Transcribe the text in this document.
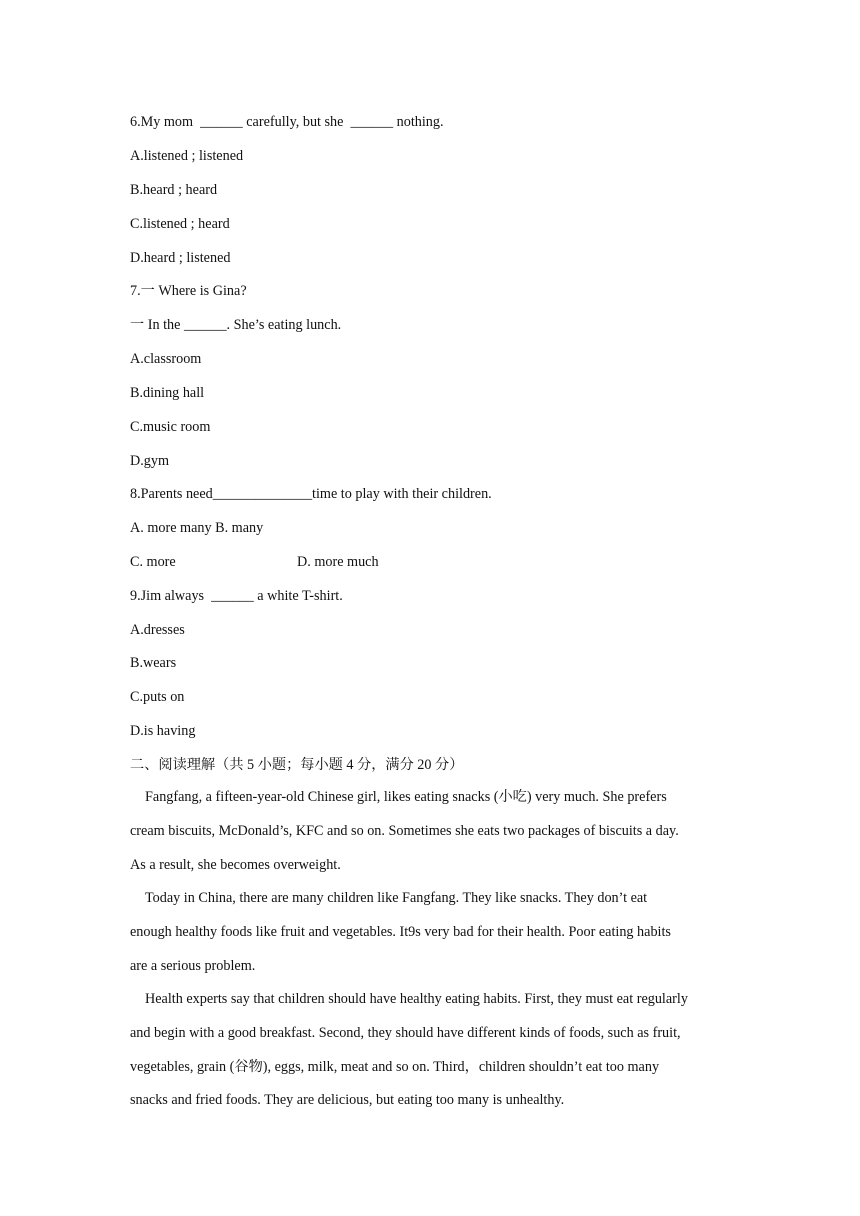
6.My mom  ______ carefully, but she  ______ nothing.
A.listened ; listened
B.heard ; heard
C.listened ; heard
D.heard ; listened
7.一 Where is Gina?
一 In the ______. She’s eating lunch.
A.classroom
B.dining hall
C.music room
D.gym
8.Parents need______________time to play with their children.
A. more many B. many
C. more	D. more much
9.Jim always  ______ a white T-shirt.
A.dresses
B.wears
C.puts on
D.is having
二、阅读理解（共 5 小题；每小题 4 分，满分 20 分）
Fangfang, a fifteen-year-old Chinese girl, likes eating snacks (小吃) very much. She prefers
cream biscuits, McDonald’s, KFC and so on. Sometimes she eats two packages of biscuits a day.
As a result, she becomes overweight.
Today in China, there are many children like Fangfang. They like snacks. They don’t eat
enough healthy foods like fruit and vegetables. It9s very bad for their health. Poor eating habits
are a serious problem.
Health experts say that children should have healthy eating habits. First, they must eat regularly
and begin with a good breakfast. Second, they should have different kinds of foods, such as fruit,
vegetables, grain (谷物), eggs, milk, meat and so on. Third，children shouldn’t eat too many
snacks and fried foods. They are delicious, but eating too many is unhealthy.
